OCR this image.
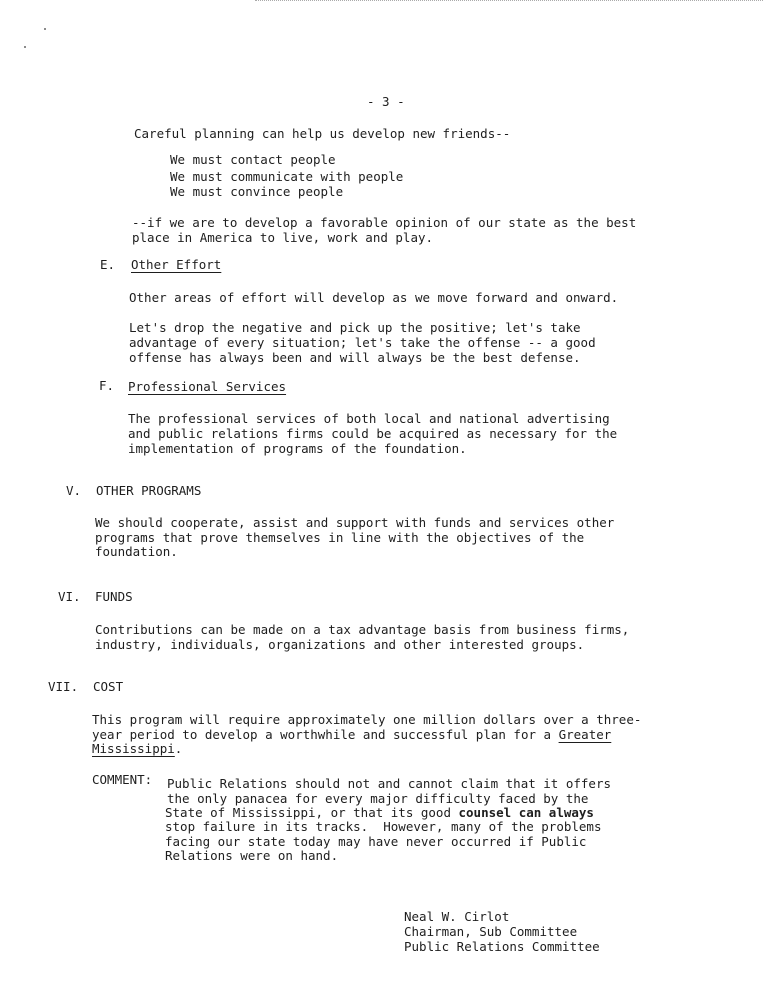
- 3 -
Careful planning can help us develop new friends--
We must contact people
We must communicate with people
We must convince people
--if we are to develop a favorable opinion of our state as the best
place in America to live, work and play.
E. Other Effort
Other areas of effort will develop as we move forward and onward.
Let's drop the negative and pick up the positive; let's take
advantage of every situation; let's take the offense -- a good
offense has always been and will always be the best defense.
F. Professional Services
The professional services of both local and national advertising
and public relations firms could be acquired as necessary for the
implementation of programs of the foundation.
V. OTHER PROGRAMS
We should cooperate, assist and support with funds and services other
programs that prove themselves in line with the objectives of the
foundation.
VI. FUNDS
Contributions can be made on a tax advantage basis from business firms,
industry, individuals, organizations and other interested groups.
VII. COST
This program will require approximately one million dollars over a three-
year period to develop a worthwhile and successful plan for a Greater
Mississippi.
COMMENT: Public Relations should not and cannot claim that it offers
the only panacea for every major difficulty faced by the
State of Mississippi, or that its good counsel can always
stop failure in its tracks.  However, many of the problems
facing our state today may have never occurred if Public
Relations were on hand.
Neal W. Cirlot
Chairman, Sub Committee
Public Relations Committee
